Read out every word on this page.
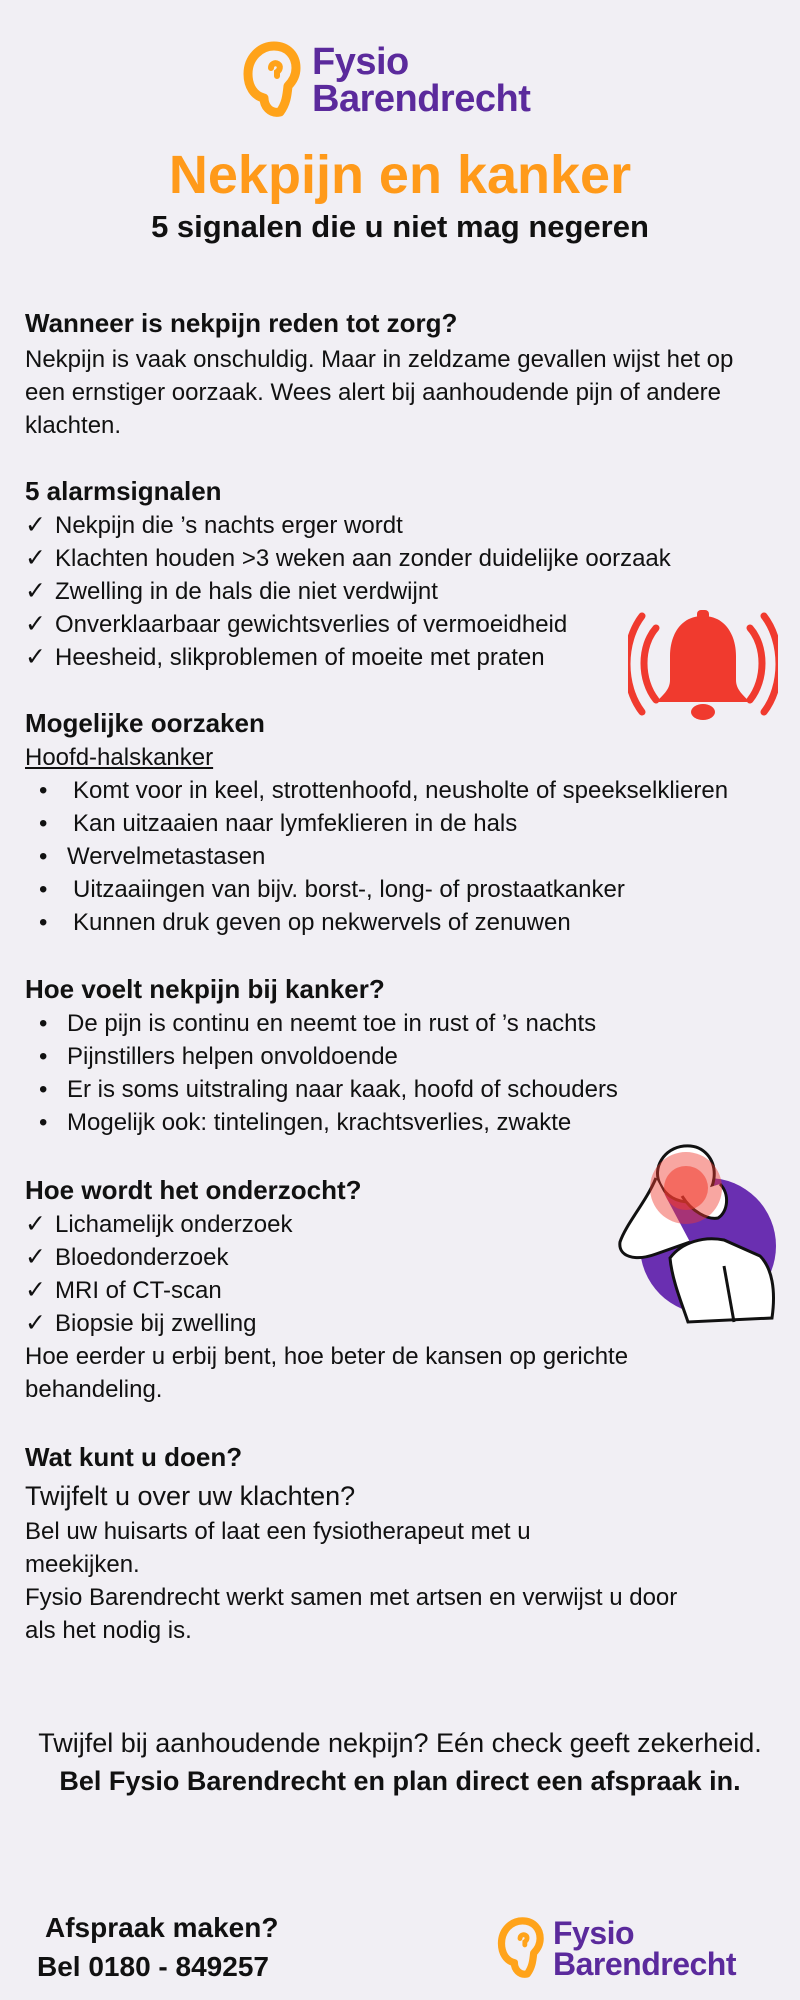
Fysio
Barendrecht
Nekpijn en kanker
5 signalen die u niet mag negeren
Wanneer is nekpijn reden tot zorg?

Nekpijn is vaak onschuldig. Maar in zeldzame gevallen wijst het op een ernstiger oorzaak. Wees alert bij aanhoudende pijn of andere klachten.

5 alarmsignalen
✓ Nekpijn die ’s nachts erger wordt
✓ Klachten houden >3 weken aan zonder duidelijke oorzaak
✓ Zwelling in de hals die niet verdwijnt
✓ Onverklaarbaar gewichtsverlies of vermoeidheid
✓ Heesheid, slikproblemen of moeite met praten
Mogelijke oorzaken
Hoofd-halskanker
• Komt voor in keel, strottenhoofd, neusholte of speekselklieren
• Kan uitzaaien naar lymfeklieren in de hals
• Wervelmetastasen
• Uitzaaiingen van bijv. borst-, long- of prostaatkanker
• Kunnen druk geven op nekwervels of zenuwen
Hoe voelt nekpijn bij kanker?
• De pijn is continu en neemt toe in rust of ’s nachts
• Pijnstillers helpen onvoldoende
• Er is soms uitstraling naar kaak, hoofd of schouders
• Mogelijk ook: tintelingen, krachtsverlies, zwakte
Hoe wordt het onderzocht?
✓ Lichamelijk onderzoek
✓ Bloedonderzoek
✓ MRI of CT-scan
✓ Biopsie bij zwelling

Hoe eerder u erbij bent, hoe beter de kansen op gerichte behandeling.

Wat kunt u doen?
Twijfelt u over uw klachten?

Bel uw huisarts of laat een fysiotherapeut met u meekijken.

Fysio Barendrecht werkt samen met artsen en verwijst u door als het nodig is.

Twijfel bij aanhoudende nekpijn? Eén check geeft zekerheid.
Bel Fysio Barendrecht en plan direct een afspraak in.
Afspraak maken?
Bel 0180 - 849257
Fysio
Barendrecht
